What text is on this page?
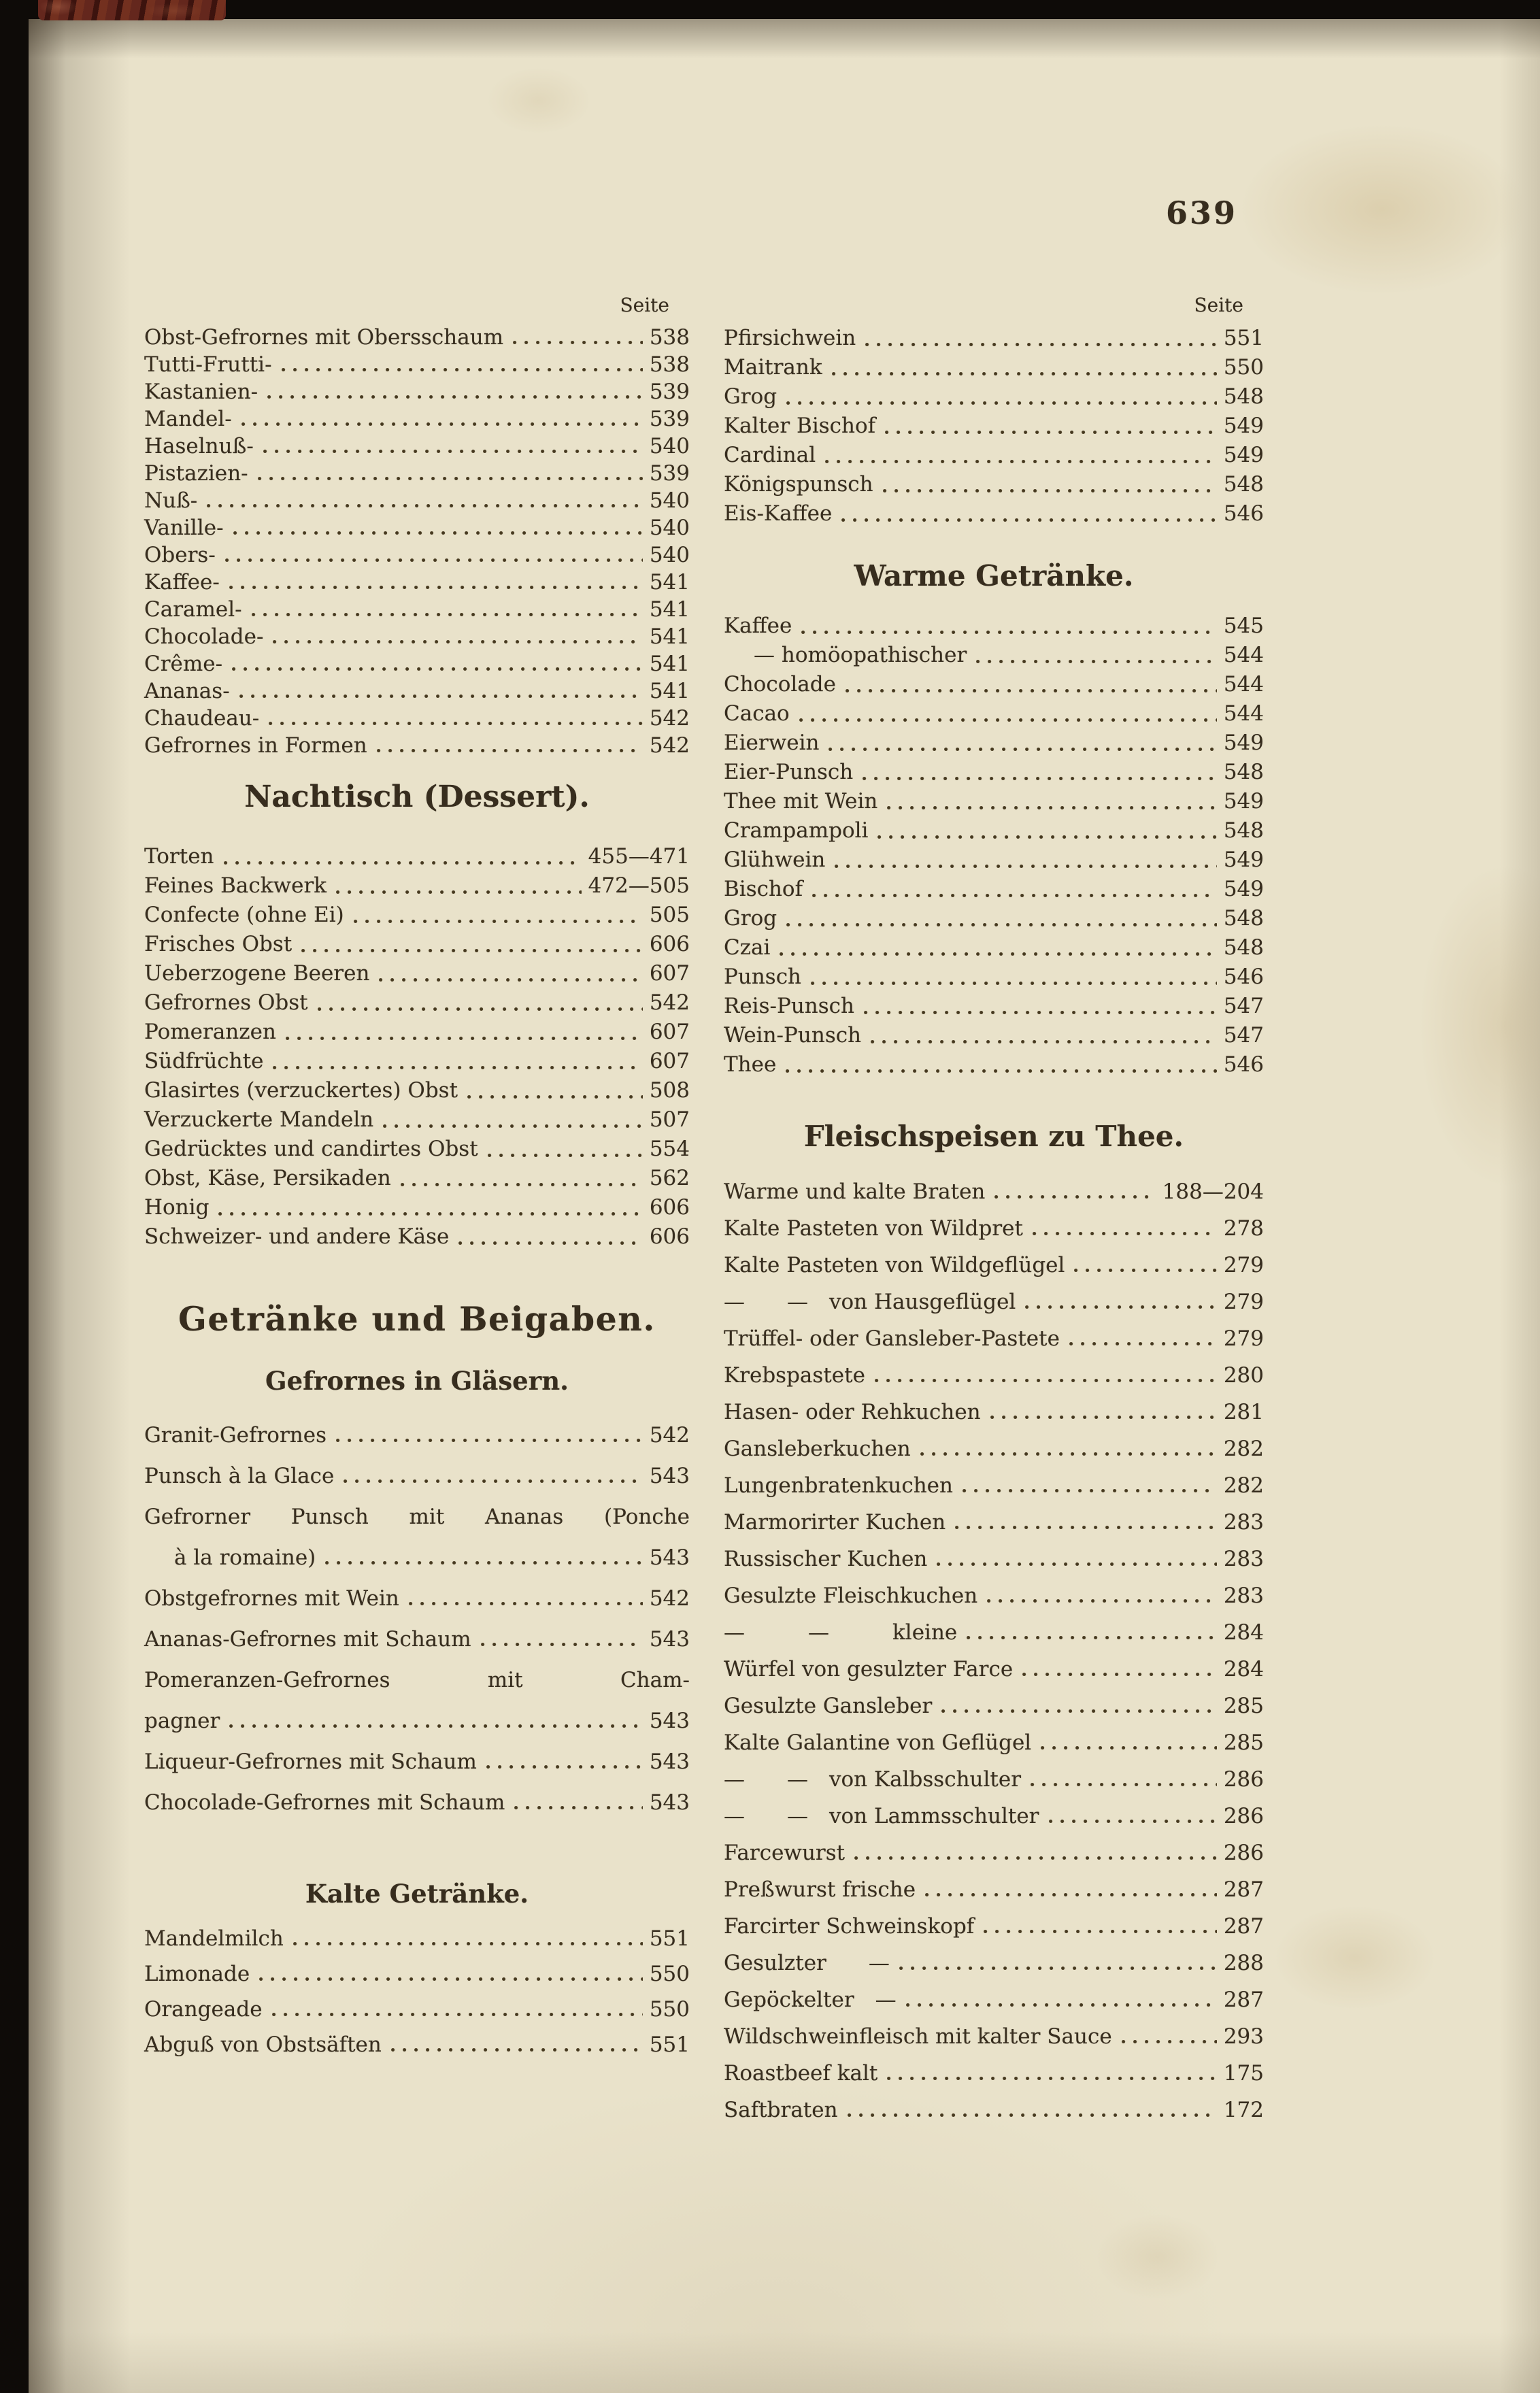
639
Seite
Obst-Gefrornes mit Obersschaum	538
Tutti-Frutti-	538
Kastanien-	539
Mandel-	539
Haselnuß-	540
Pistazien-	539
Nuß-	540
Vanille-	540
Obers-	540
Kaffee-	541
Caramel-	541
Chocolade-	541
Crême-	541
Ananas-	541
Chaudeau-	542
Gefrornes in Formen	542
Nachtisch (Dessert).
Torten	455—471
Feines Backwerk	472—505
Confecte (ohne Ei)	505
Frisches Obst	606
Ueberzogene Beeren	607
Gefrornes Obst	542
Pomeranzen	607
Südfrüchte	607
Glasirtes (verzuckertes) Obst	508
Verzuckerte Mandeln	507
Gedrücktes und candirtes Obst	554
Obst, Käse, Persikaden	562
Honig	606
Schweizer- und andere Käse	606
Getränke und Beigaben.
Gefrornes in Gläsern.
Granit-Gefrornes	542
Punsch à la Glace	543
Gefrorner Punsch mit Ananas (Ponche
à la romaine)	543
Obstgefrornes mit Wein	542
Ananas-Gefrornes mit Schaum	543
Pomeranzen-Gefrornes mit Cham-
pagner	543
Liqueur-Gefrornes mit Schaum	543
Chocolade-Gefrornes mit Schaum	543
Kalte Getränke.
Mandelmilch	551
Limonade	550
Orangeade	550
Abguß von Obstsäften	551
Seite
Pfirsichwein	551
Maitrank	550
Grog	548
Kalter Bischof	549
Cardinal	549
Königspunsch	548
Eis-Kaffee	546
Warme Getränke.
Kaffee	545
— homöopathischer	544
Chocolade	544
Cacao	544
Eierwein	549
Eier-Punsch	548
Thee mit Wein	549
Crampampoli	548
Glühwein	549
Bischof	549
Grog	548
Czai	548
Punsch	546
Reis-Punsch	547
Wein-Punsch	547
Thee	546
Fleischspeisen zu Thee.
Warme und kalte Braten	188—204
Kalte Pasteten von Wildpret	278
Kalte Pasteten von Wildgeflügel	279
—  — von Hausgeflügel	279
Trüffel- oder Gansleber-Pastete	279
Krebspastete	280
Hasen- oder Rehkuchen	281
Gansleberkuchen	282
Lungenbratenkuchen	282
Marmorirter Kuchen	283
Russischer Kuchen	283
Gesulzte Fleischkuchen	283
—   —   kleine	284
Würfel von gesulzter Farce	284
Gesulzte Gansleber	285
Kalte Galantine von Geflügel	285
—  — von Kalbsschulter	286
—  — von Lammsschulter	286
Farcewurst	286
Preßwurst frische	287
Farcirter Schweinskopf	287
Gesulzter  —	288
Gepöckelter —	287
Wildschweinfleisch mit kalter Sauce	293
Roastbeef kalt	175
Saftbraten	172
